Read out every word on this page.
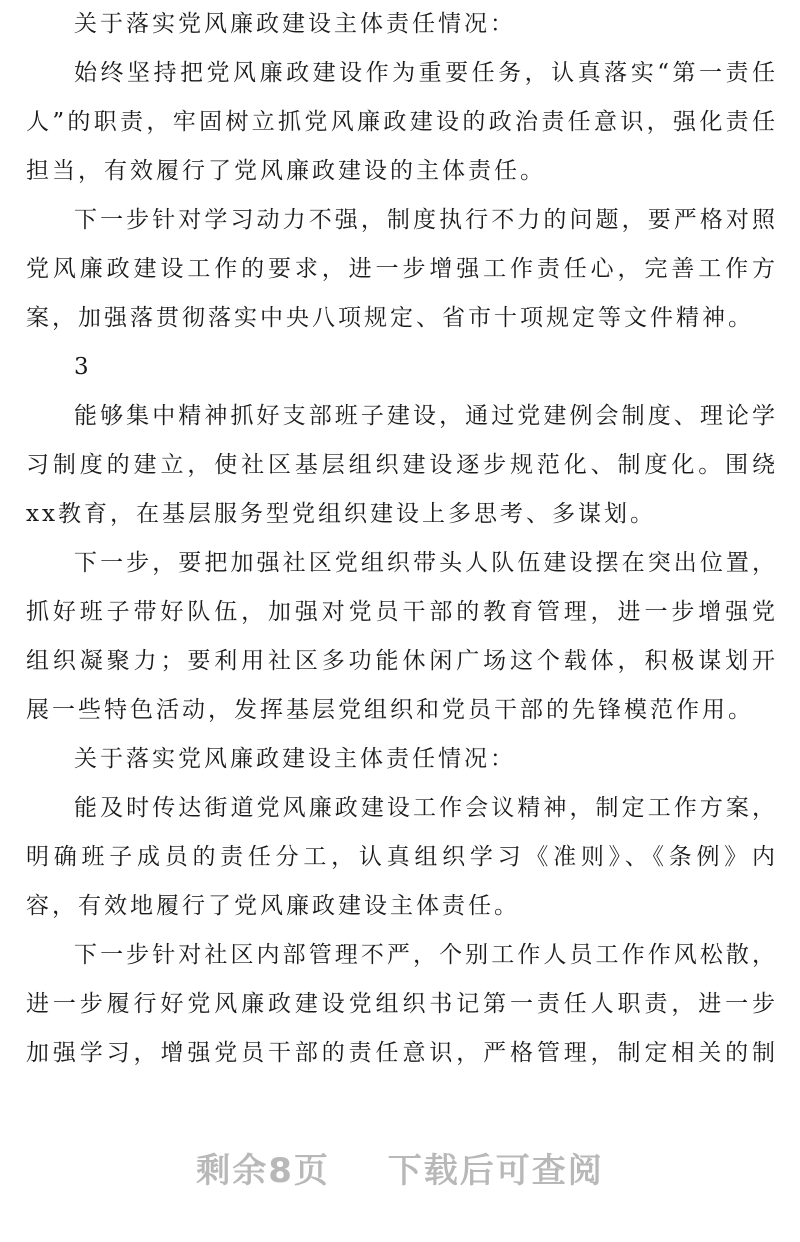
关于落实党风廉政建设主体责任情况：

始终坚持把党风廉政建设作为重要任务，认真落实“第一责任人”的职责，牢固树立抓党风廉政建设的政治责任意识，强化责任担当，有效履行了党风廉政建设的主体责任。

下一步针对学习动力不强，制度执行不力的问题，要严格对照党风廉政建设工作的要求，进一步增强工作责任心，完善工作方案，加强落贯彻落实中央八项规定、省市十项规定等文件精神。

3

能够集中精神抓好支部班子建设，通过党建例会制度、理论学习制度的建立，使社区基层组织建设逐步规范化、制度化。围绕xx教育，在基层服务型党组织建设上多思考、多谋划。

下一步，要把加强社区党组织带头人队伍建设摆在突出位置，抓好班子带好队伍，加强对党员干部的教育管理，进一步增强党组织凝聚力；要利用社区多功能休闲广场这个载体，积极谋划开展一些特色活动，发挥基层党组织和党员干部的先锋模范作用。

关于落实党风廉政建设主体责任情况：

能及时传达街道党风廉政建设工作会议精神，制定工作方案，明确班子成员的责任分工，认真组织学习《准则》、《条例》内容，有效地履行了党风廉政建设主体责任。

下一步针对社区内部管理不严，个别工作人员工作作风松散，进一步履行好党风廉政建设党组织书记第一责任人职责，进一步加强学习，增强党员干部的责任意识，严格管理，制定相关的制

剩余8页 下载后可查阅
